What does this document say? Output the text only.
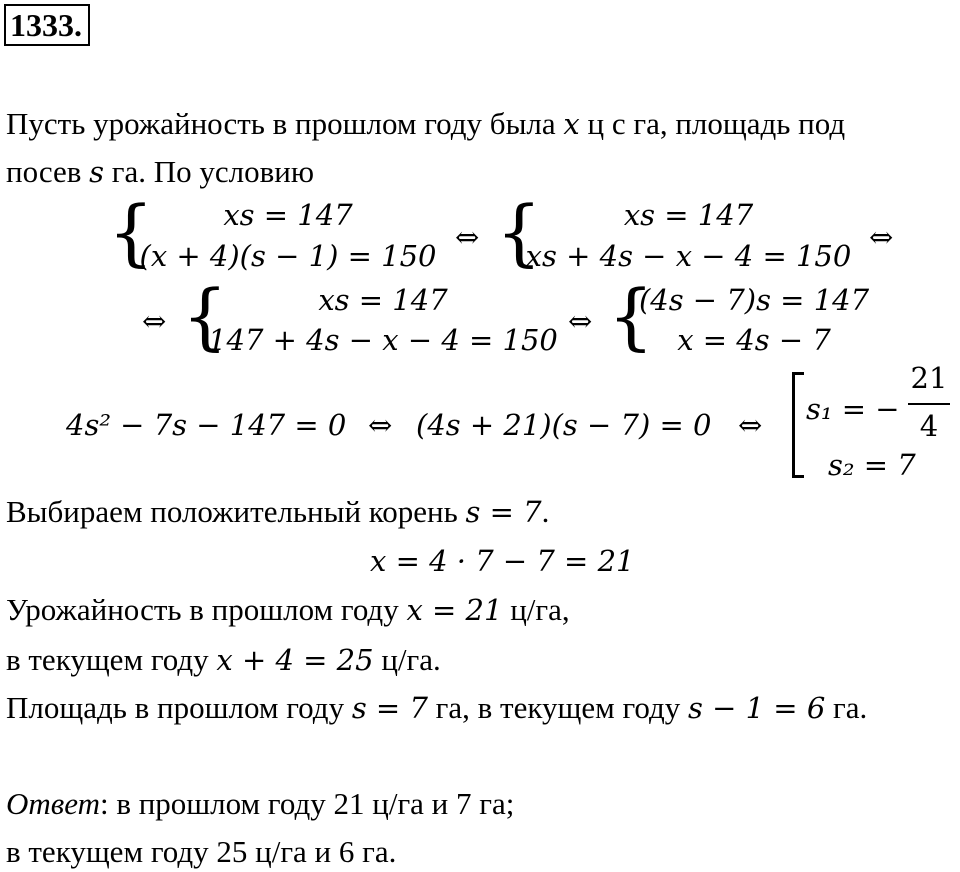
1333.
Пусть урожайность в прошлом году была x ц с га, площадь под
посев s га. По условию
{	xs = 147
(x + 4)(s − 1) = 150
⇔ {	xs = 147
xs + 4s − x − 4 = 150
⇔
⇔ {	xs = 147
147 + 4s − x − 4 = 150
⇔ {
(4s − 7)s = 147
x = 4s − 7
4s² − 7s − 147 = 0 ⇔ (4s + 21)(s − 7) = 0 ⇔ s₁ = −
21
4
s₂ = 7
Выбираем положительный корень s = 7.
x = 4 · 7 − 7 = 21
Урожайность в прошлом году x = 21 ц/га,
в текущем году x + 4 = 25 ц/га.
Площадь в прошлом году s = 7 га, в текущем году s − 1 = 6 га.
Ответ: в прошлом году 21 ц/га и 7 га;
в текущем году 25 ц/га и 6 га.
